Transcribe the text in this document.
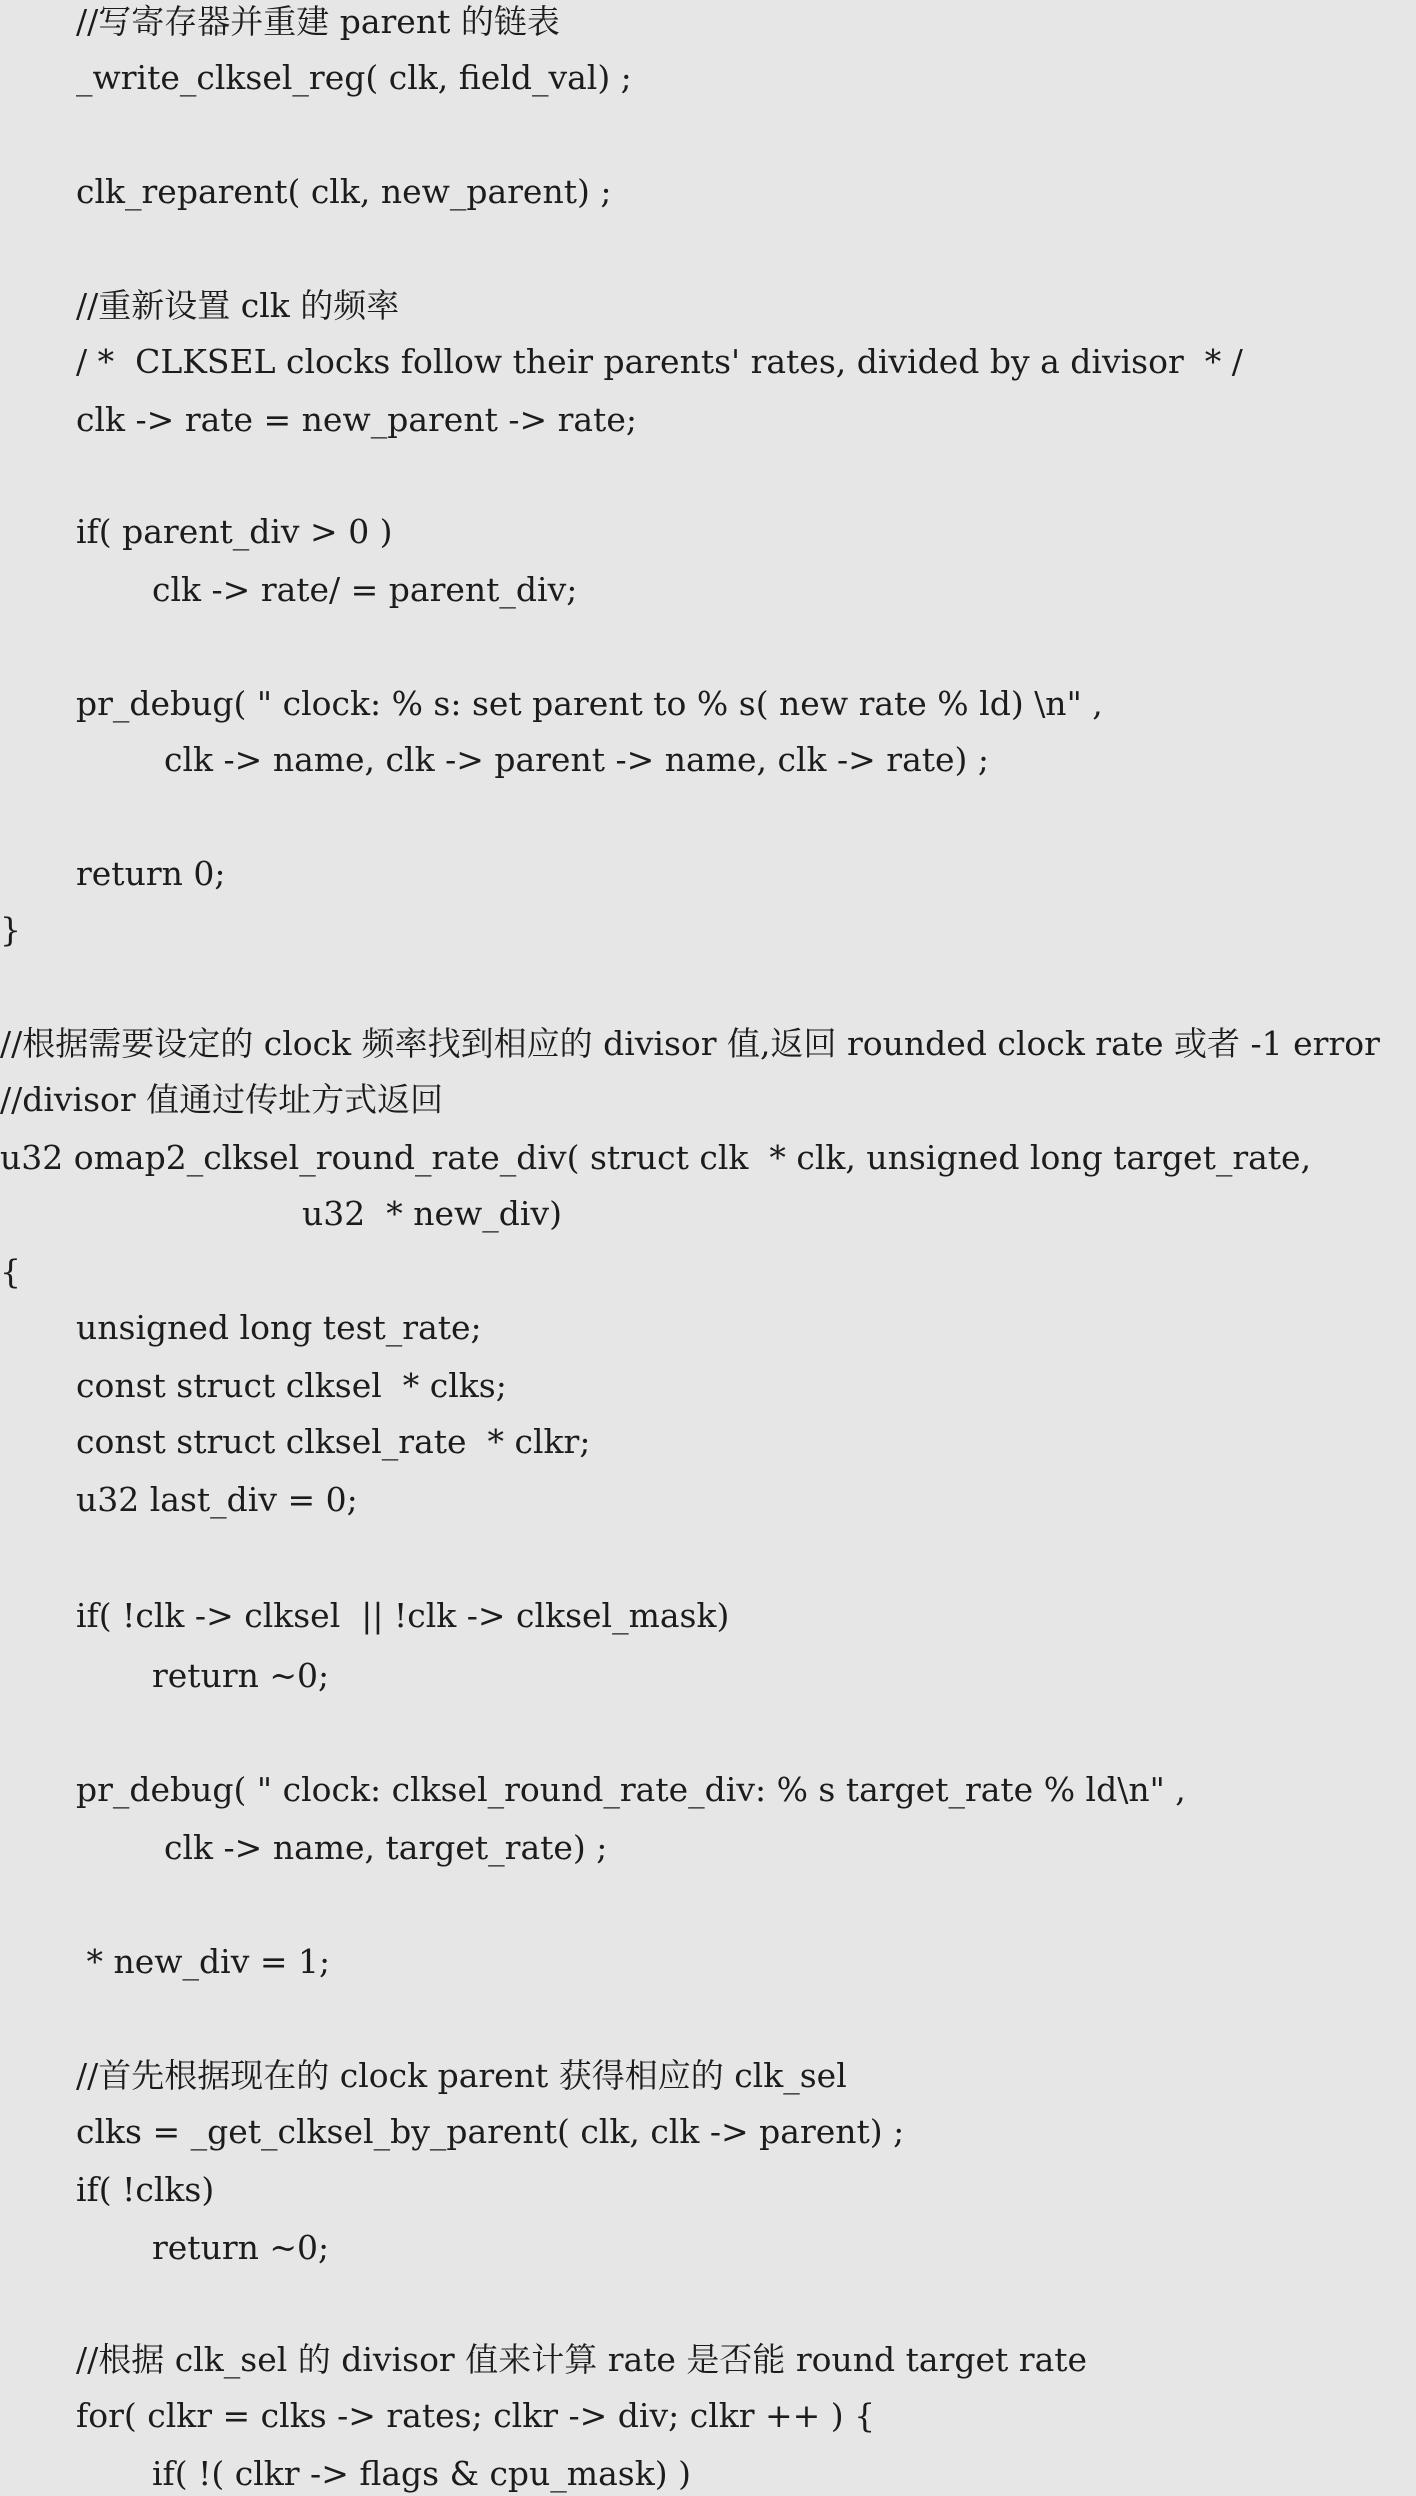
//写寄存器并重建 parent 的链表
_write_clksel_reg( clk, field_val) ;
clk_reparent( clk, new_parent) ;
//重新设置 clk 的频率
/ *  CLKSEL clocks follow their parents' rates, divided by a divisor  * /
clk -> rate = new_parent -> rate;
if( parent_div > 0 )
clk -> rate/ = parent_div;
pr_debug( " clock: % s: set parent to % s( new rate % ld) \n" ,
clk -> name, clk -> parent -> name, clk -> rate) ;
return 0;
}
//根据需要设定的 clock 频率找到相应的 divisor 值,返回 rounded clock rate 或者 -1 error
//divisor 值通过传址方式返回
u32 omap2_clksel_round_rate_div( struct clk  * clk, unsigned long target_rate,
u32  * new_div)
{
unsigned long test_rate;
const struct clksel  * clks;
const struct clksel_rate  * clkr;
u32 last_div = 0;
if( !clk -> clksel  || !clk -> clksel_mask)
return ~0;
pr_debug( " clock: clksel_round_rate_div: % s target_rate % ld\n" ,
clk -> name, target_rate) ;
* new_div = 1;
//首先根据现在的 clock parent 获得相应的 clk_sel
clks = _get_clksel_by_parent( clk, clk -> parent) ;
if( !clks)
return ~0;
//根据 clk_sel 的 divisor 值来计算 rate 是否能 round target rate
for( clkr = clks -> rates; clkr -> div; clkr ++ ) {
if( !( clkr -> flags & cpu_mask) )
